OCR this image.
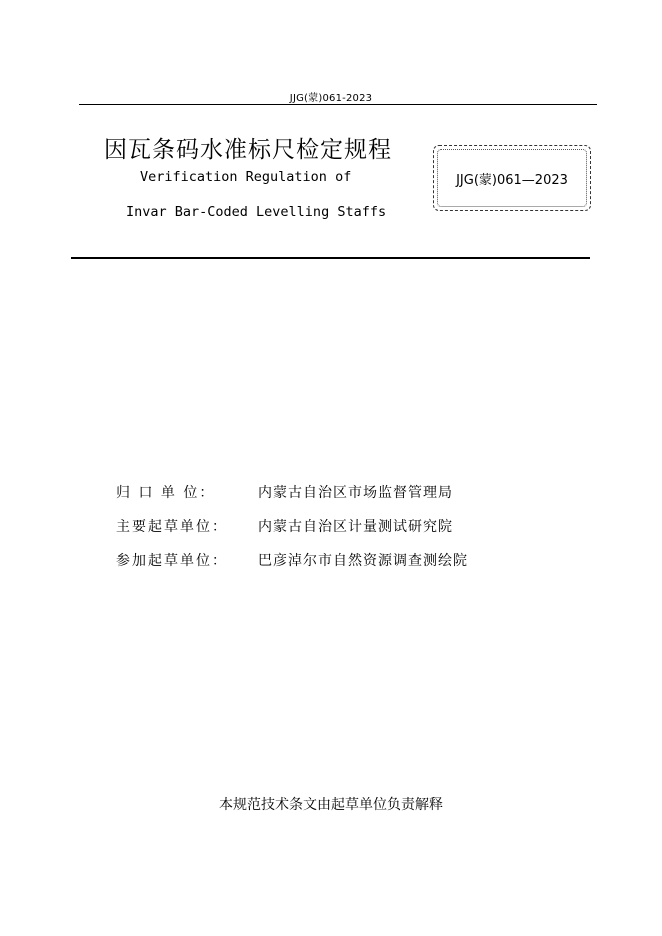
JJG(蒙)061-2023
因瓦条码水准标尺检定规程
Verification Regulation of
Invar Bar-Coded Levelling Staffs
JJG(蒙)061—2023
归 口 单 位：	内蒙古自治区市场监督管理局
主要起草单位：	内蒙古自治区计量测试研究院
参加起草单位：	巴彦淖尔市自然资源调查测绘院
本规范技术条文由起草单位负责解释
